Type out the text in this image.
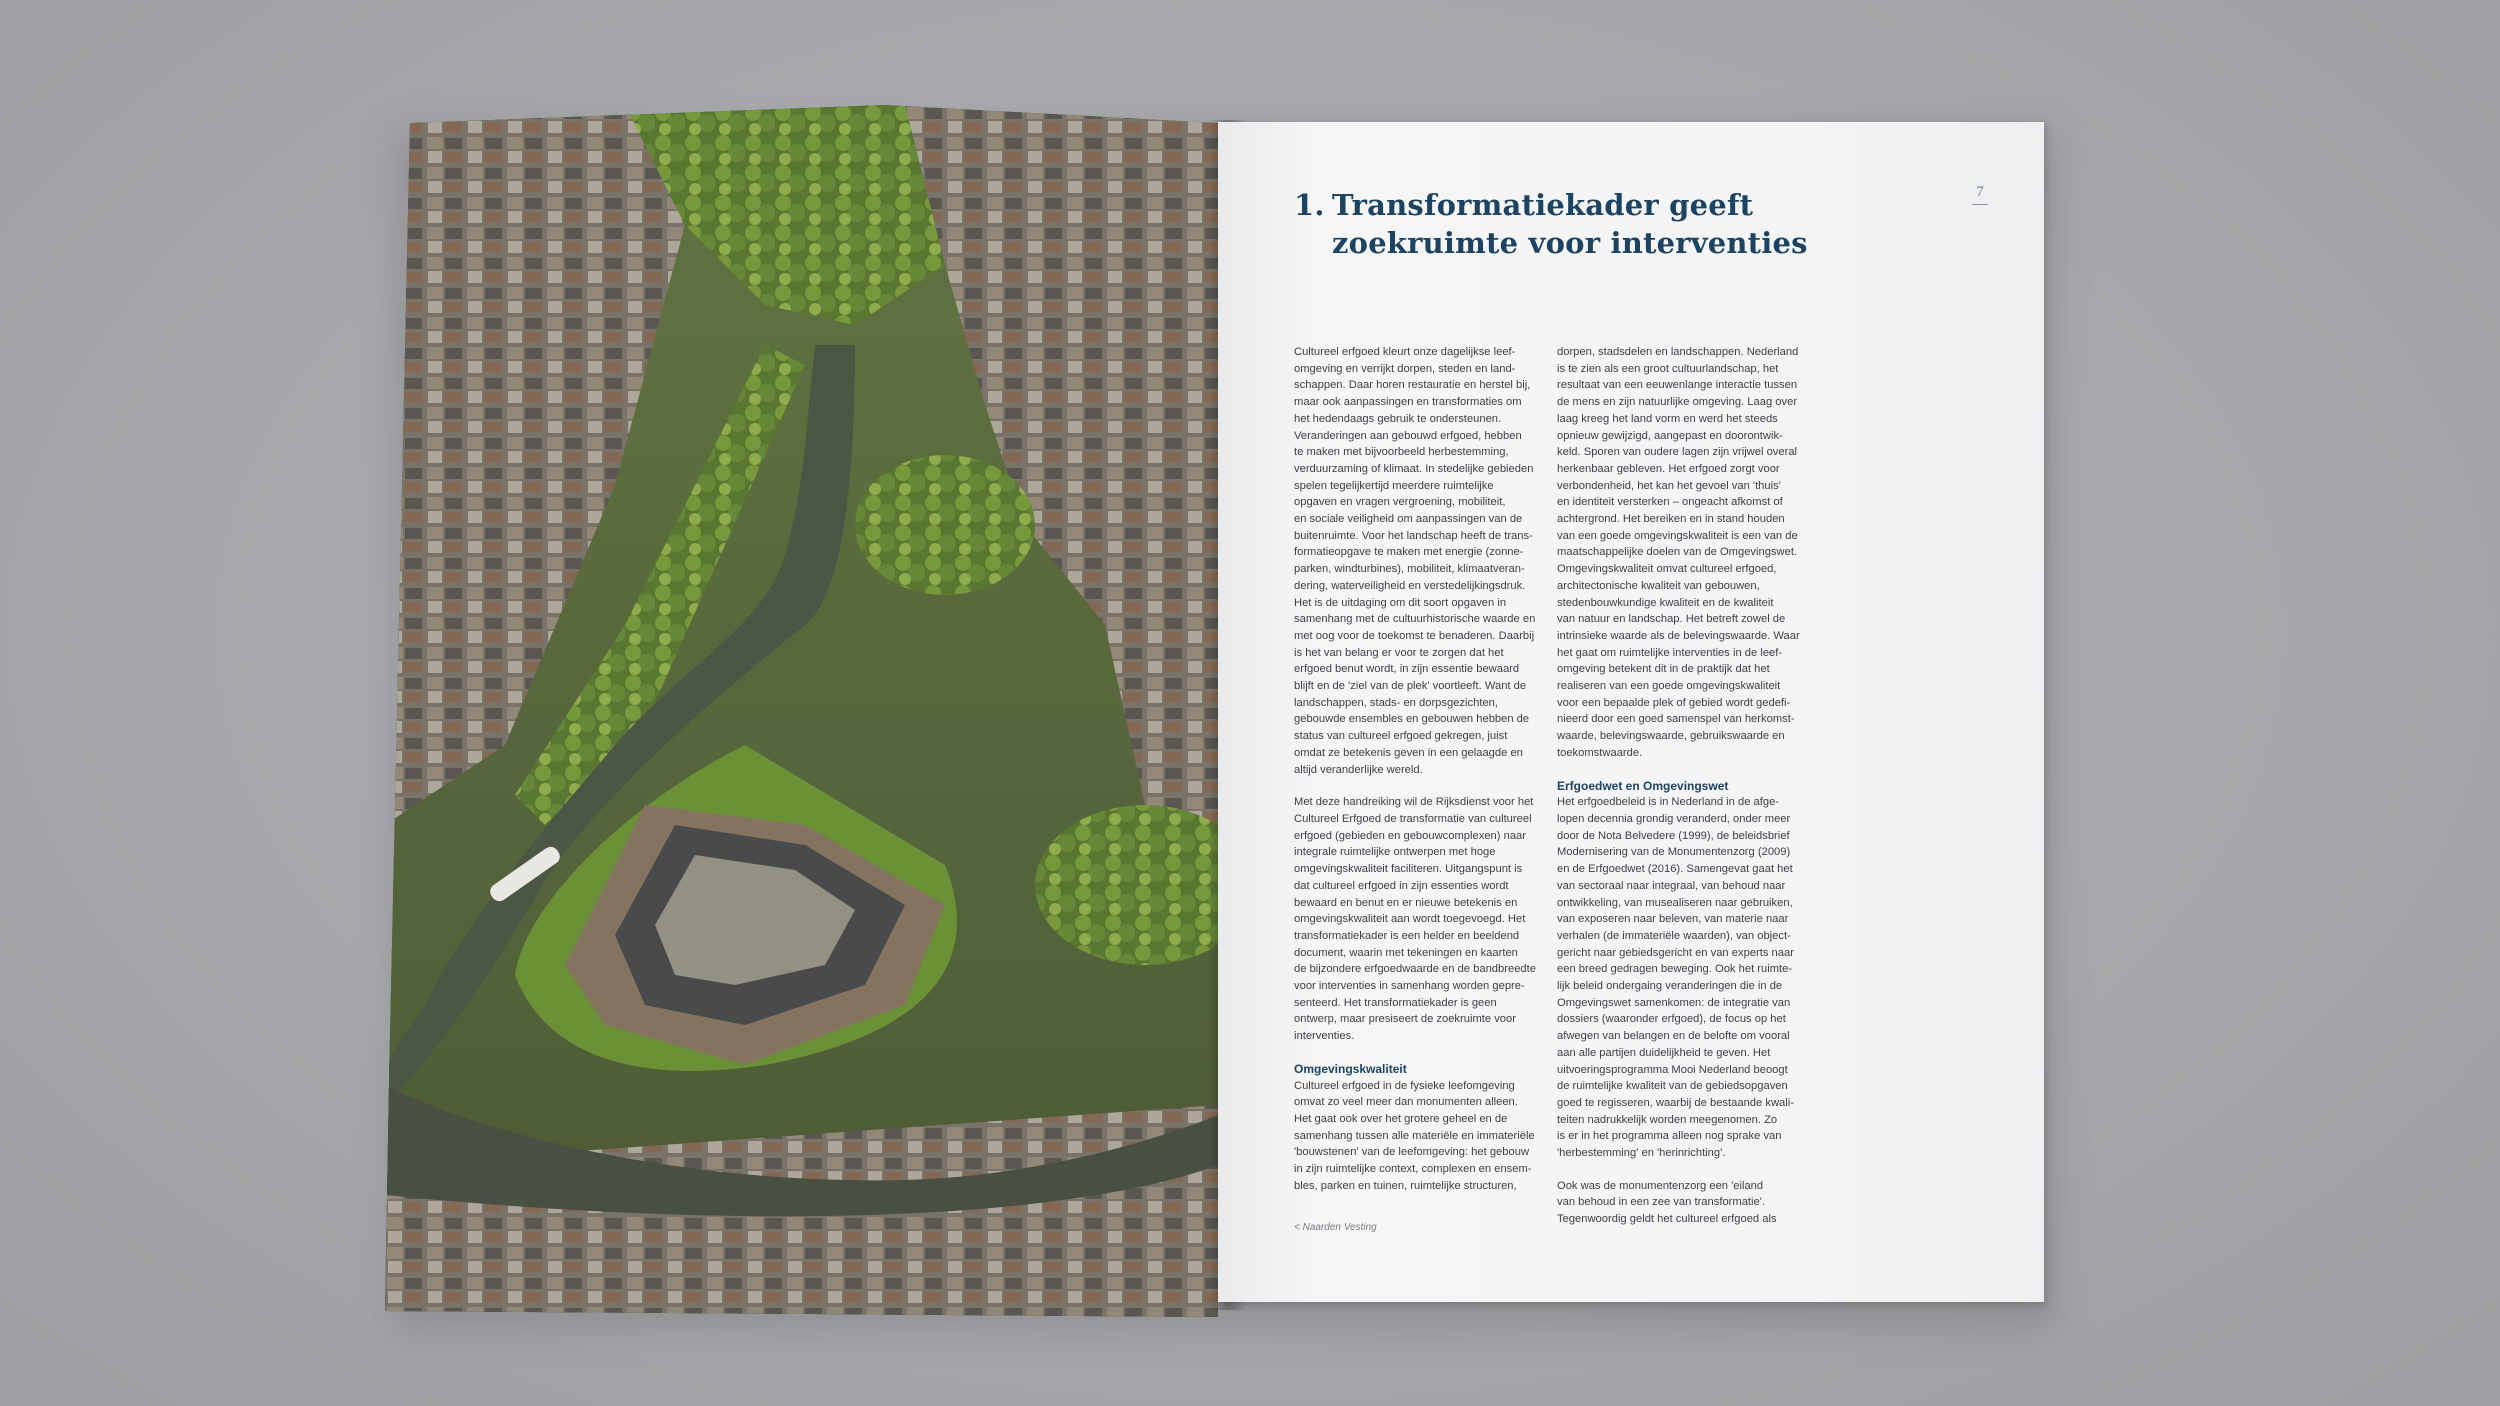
7
1. Transformatiekader geeft
zoekruimte voor interventies

Cultureel erfgoed kleurt onze dagelijkse leef-
omgeving en verrijkt dorpen, steden en land-
schappen. Daar horen restauratie en herstel bij,
maar ook aanpassingen en transformaties om
het hedendaags gebruik te ondersteunen.
Veranderingen aan gebouwd erfgoed, hebben
te maken met bijvoorbeeld herbestemming,
verduurzaming of klimaat. In stedelijke gebieden
spelen tegelijkertijd meerdere ruimtelijke
opgaven en vragen vergroening, mobiliteit,
en sociale veiligheid om aanpassingen van de
buitenruimte. Voor het landschap heeft de trans-
formatieopgave te maken met energie (zonne-
parken, windturbines), mobiliteit, klimaatveran-
dering, waterveiligheid en verstedelijkingsdruk.
Het is de uitdaging om dit soort opgaven in
samenhang met de cultuurhistorische waarde en
met oog voor de toekomst te benaderen. Daarbij
is het van belang er voor te zorgen dat het
erfgoed benut wordt, in zijn essentie bewaard
blijft en de 'ziel van de plek' voortleeft. Want de
landschappen, stads- en dorpsgezichten,
gebouwde ensembles en gebouwen hebben de
status van cultureel erfgoed gekregen, juist
omdat ze betekenis geven in een gelaagde en
altijd veranderlijke wereld.

Met deze handreiking wil de Rijksdienst voor het
Cultureel Erfgoed de transformatie van cultureel
erfgoed (gebieden en gebouwcomplexen) naar
integrale ruimtelijke ontwerpen met hoge
omgevingskwaliteit faciliteren. Uitgangspunt is
dat cultureel erfgoed in zijn essenties wordt
bewaard en benut en er nieuwe betekenis en
omgevingskwaliteit aan wordt toegevoegd. Het
transformatiekader is een helder en beeldend
document, waarin met tekeningen en kaarten
de bijzondere erfgoedwaarde en de bandbreedte
voor interventies in samenhang worden gepre-
senteerd. Het transformatiekader is geen
ontwerp, maar presiseert de zoekruimte voor
interventies.

Omgevingskwaliteit

Cultureel erfgoed in de fysieke leefomgeving
omvat zo veel meer dan monumenten alleen.
Het gaat ook over het grotere geheel en de
samenhang tussen alle materiële en immateriële
'bouwstenen' van de leefomgeving: het gebouw
in zijn ruimtelijke context, complexen en ensem-
bles, parken en tuinen, ruimtelijke structuren,

dorpen, stadsdelen en landschappen. Nederland
is te zien als een groot cultuurlandschap, het
resultaat van een eeuwenlange interactie tussen
de mens en zijn natuurlijke omgeving. Laag over
laag kreeg het land vorm en werd het steeds
opnieuw gewijzigd, aangepast en doorontwik-
keld. Sporen van oudere lagen zijn vrijwel overal
herkenbaar gebleven. Het erfgoed zorgt voor
verbondenheid, het kan het gevoel van 'thuis'
en identiteit versterken – ongeacht afkomst of
achtergrond. Het bereiken en in stand houden
van een goede omgevingskwaliteit is een van de
maatschappelijke doelen van de Omgevingswet.
Omgevingskwaliteit omvat cultureel erfgoed,
architectonische kwaliteit van gebouwen,
stedenbouwkundige kwaliteit en de kwaliteit
van natuur en landschap. Het betreft zowel de
intrinsieke waarde als de belevingswaarde. Waar
het gaat om ruimtelijke interventies in de leef-
omgeving betekent dit in de praktijk dat het
realiseren van een goede omgevingskwaliteit
voor een bepaalde plek of gebied wordt gedefi-
nieerd door een goed samenspel van herkomst-
waarde, belevingswaarde, gebruikswaarde en
toekomstwaarde.

Erfgoedwet en Omgevingswet

Het erfgoedbeleid is in Nederland in de afge-
lopen decennia grondig veranderd, onder meer
door de Nota Belvedere (1999), de beleidsbrief
Modernisering van de Monumentenzorg (2009)
en de Erfgoedwet (2016). Samengevat gaat het
van sectoraal naar integraal, van behoud naar
ontwikkeling, van musealiseren naar gebruiken,
van exposeren naar beleven, van materie naar
verhalen (de immateriële waarden), van object-
gericht naar gebiedsgericht en van experts naar
een breed gedragen beweging. Ook het ruimte-
lijk beleid ondergaing veranderingen die in de
Omgevingswet samenkomen: de integratie van
dossiers (waaronder erfgoed), de focus op het
afwegen van belangen en de belofte om vooral
aan alle partijen duidelijkheid te geven. Het
uitvoeringsprogramma Mooi Nederland beoogt
de ruimtelijke kwaliteit van de gebiedsopgaven
goed te regisseren, waarbij de bestaande kwali-
teiten nadrukkelijk worden meegenomen. Zo
is er in het programma alleen nog sprake van
'herbestemming' en 'herinrichting'.

Ook was de monumentenzorg een 'eiland
van behoud in een zee van transformatie'.
Tegenwoordig geldt het cultureel erfgoed als

< Naarden Vesting
